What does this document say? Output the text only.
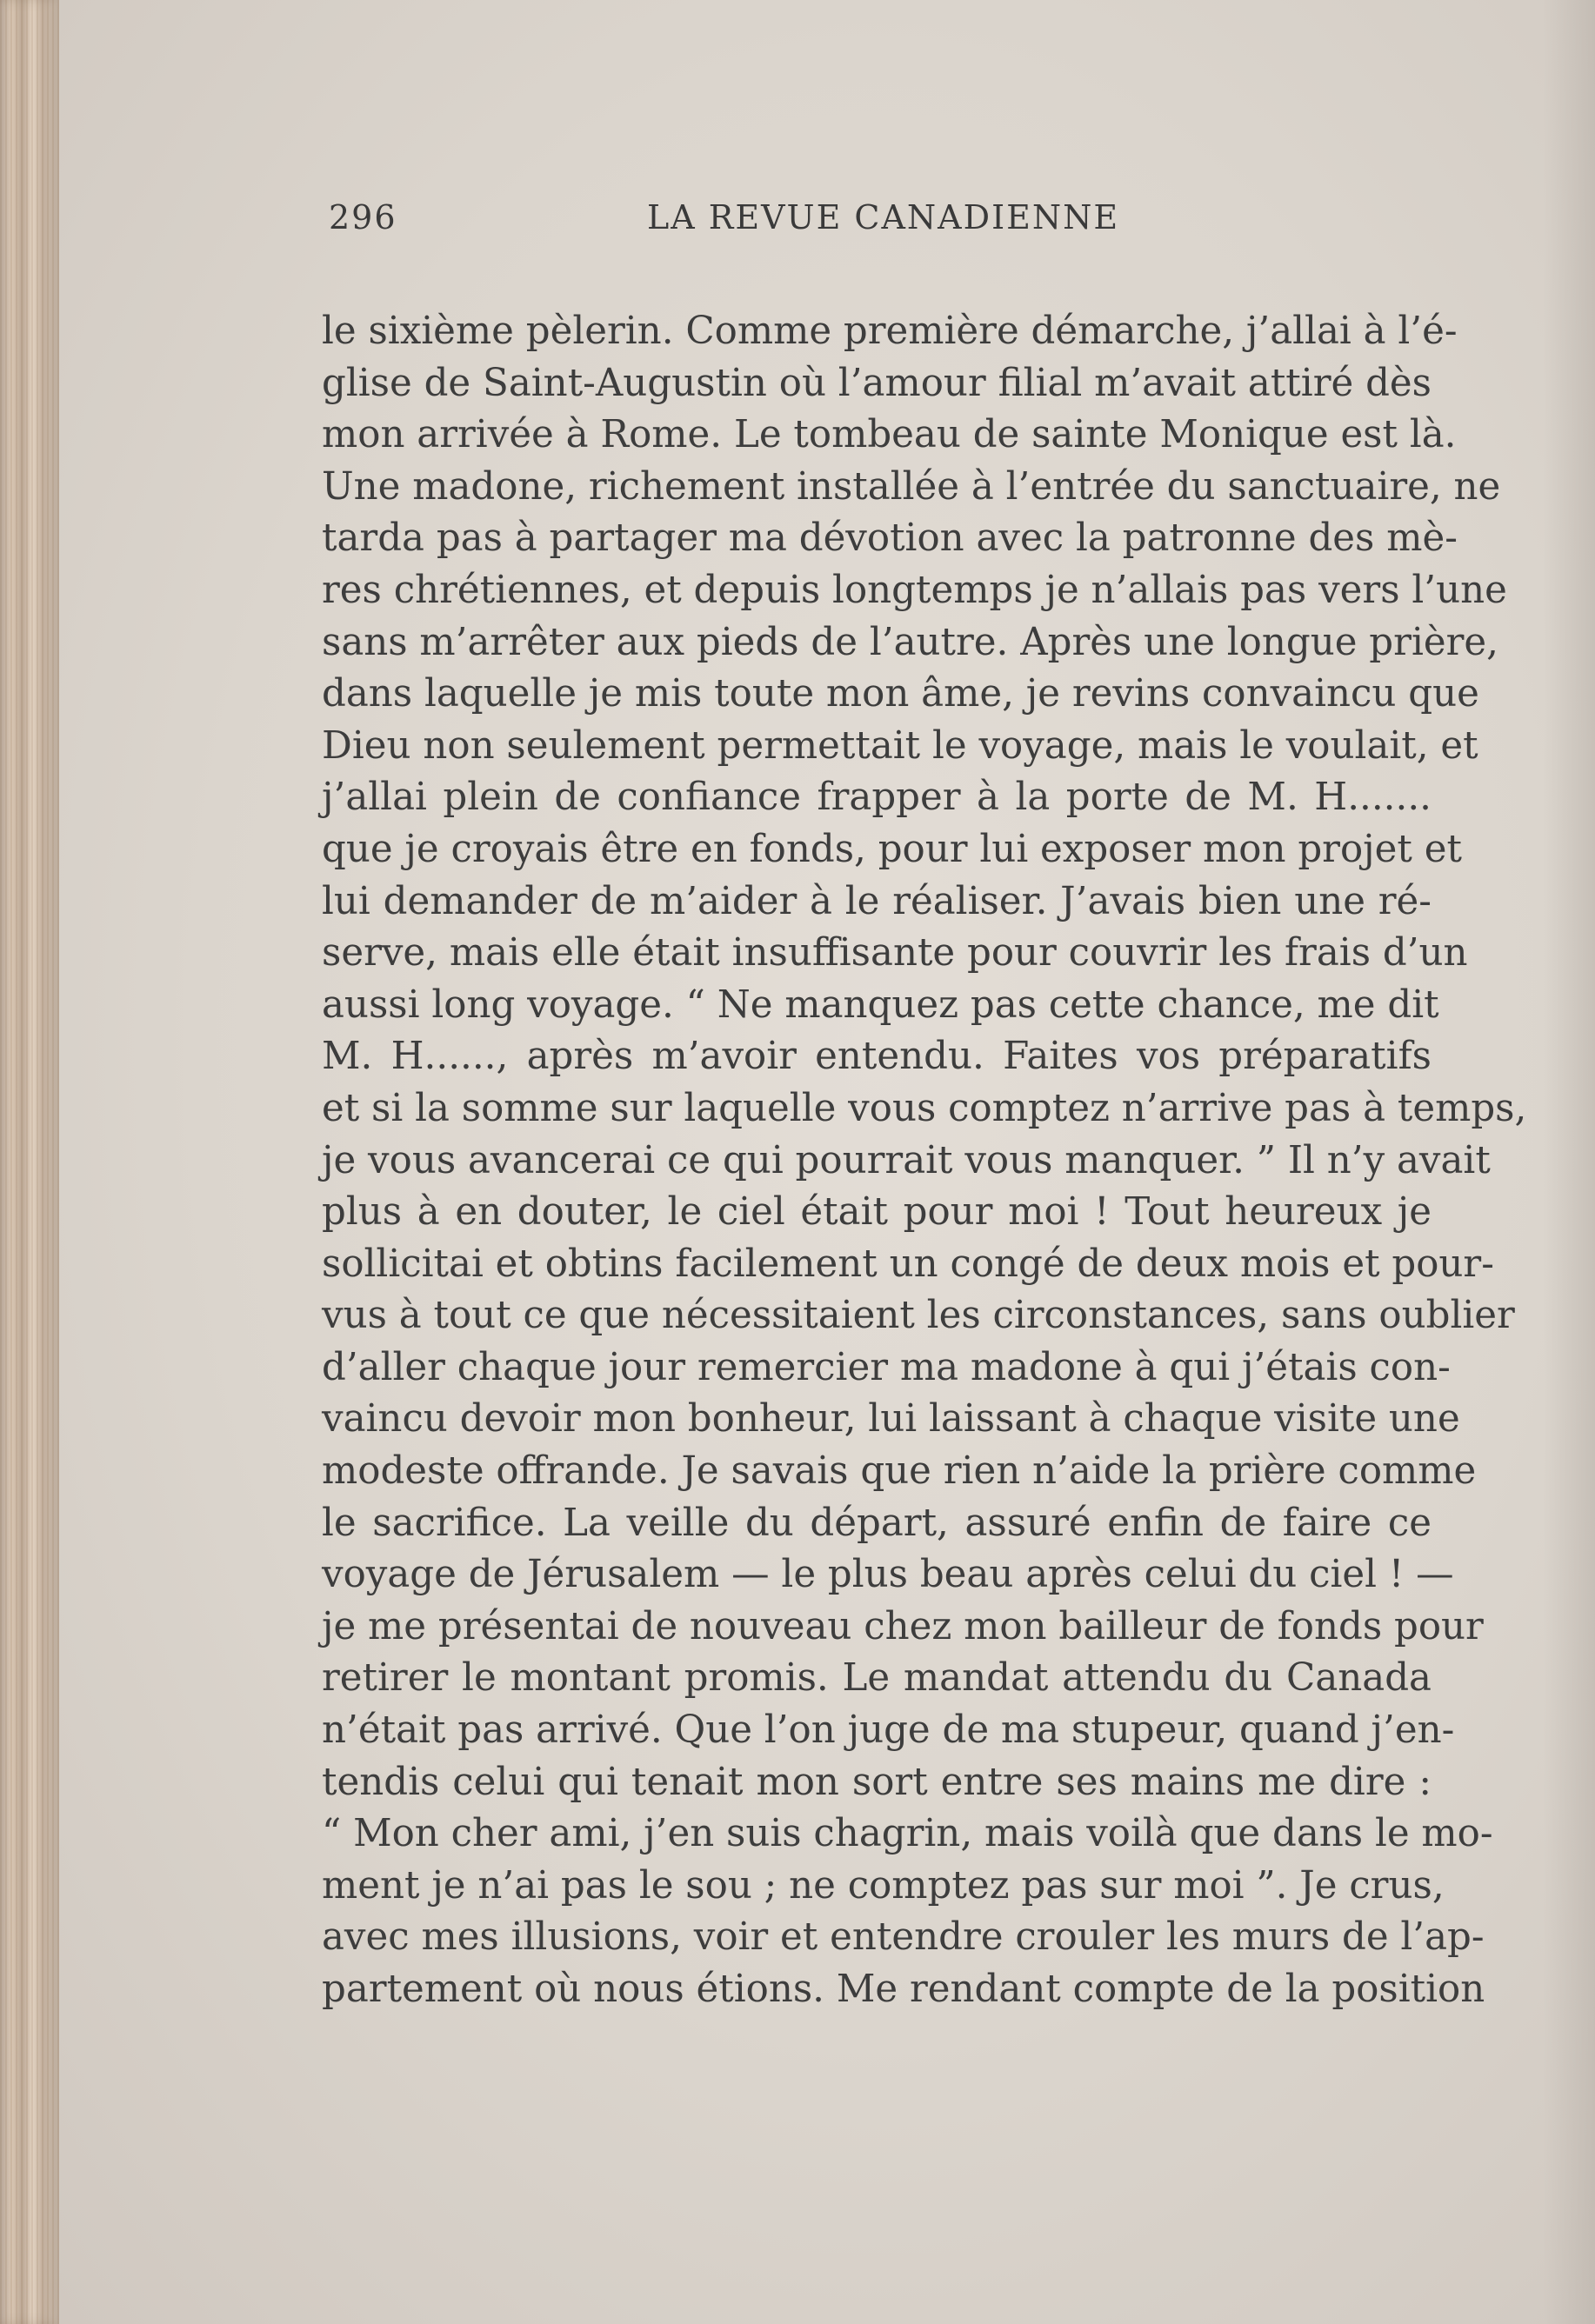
296	LA REVUE CANADIENNE
le sixième pèlerin. Comme première démarche, j’allai à l’é-
glise de Saint-Augustin où l’amour filial m’avait attiré dès
mon arrivée à Rome. Le tombeau de sainte Monique est là.
Une madone, richement installée à l’entrée du sanctuaire, ne
tarda pas à partager ma dévotion avec la patronne des mè-
res chrétiennes, et depuis longtemps je n’allais pas vers l’une
sans m’arrêter aux pieds de l’autre. Après une longue prière,
dans laquelle je mis toute mon âme, je revins convaincu que
Dieu non seulement permettait le voyage, mais le voulait, et
j’allai plein de confiance frapper à la porte de M. H.......
que je croyais être en fonds, pour lui exposer mon projet et
lui demander de m’aider à le réaliser. J’avais bien une ré-
serve, mais elle était insuffisante pour couvrir les frais d’un
aussi long voyage. “ Ne manquez pas cette chance, me dit
M. H......, après m’avoir entendu. Faites vos préparatifs
et si la somme sur laquelle vous comptez n’arrive pas à temps,
je vous avancerai ce qui pourrait vous manquer. ” Il n’y avait
plus à en douter, le ciel était pour moi ! Tout heureux je
sollicitai et obtins facilement un congé de deux mois et pour-
vus à tout ce que nécessitaient les circonstances, sans oublier
d’aller chaque jour remercier ma madone à qui j’étais con-
vaincu devoir mon bonheur, lui laissant à chaque visite une
modeste offrande. Je savais que rien n’aide la prière comme
le sacrifice. La veille du départ, assuré enfin de faire ce
voyage de Jérusalem — le plus beau après celui du ciel ! —
je me présentai de nouveau chez mon bailleur de fonds pour
retirer le montant promis. Le mandat attendu du Canada
n’était pas arrivé. Que l’on juge de ma stupeur, quand j’en-
tendis celui qui tenait mon sort entre ses mains me dire :
“ Mon cher ami, j’en suis chagrin, mais voilà que dans le mo-
ment je n’ai pas le sou ; ne comptez pas sur moi ”. Je crus,
avec mes illusions, voir et entendre crouler les murs de l’ap-
partement où nous étions. Me rendant compte de la position
